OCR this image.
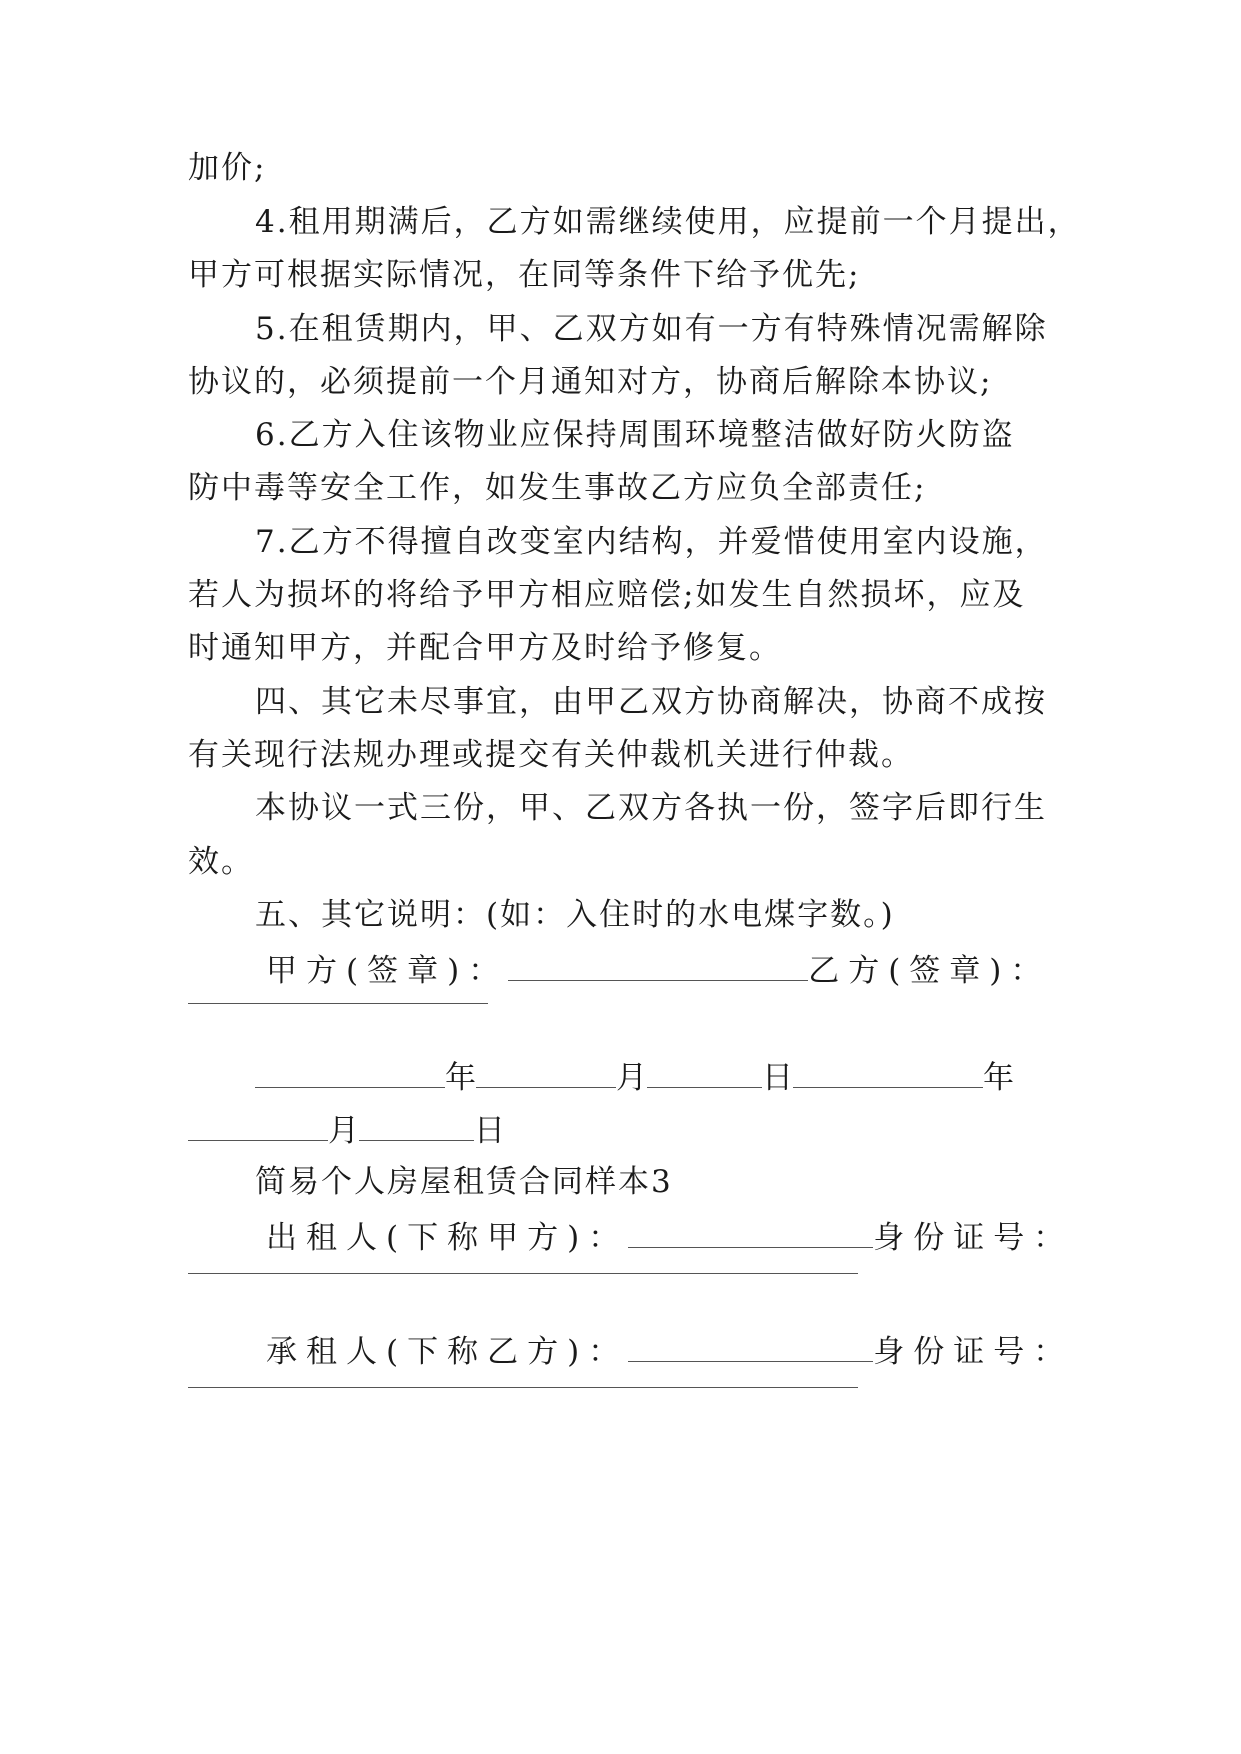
加价;
4.租用期满后，乙方如需继续使用，应提前一个月提出，
甲方可根据实际情况，在同等条件下给予优先;
5.在租赁期内，甲、乙双方如有一方有特殊情况需解除
协议的，必须提前一个月通知对方，协商后解除本协议;
6.乙方入住该物业应保持周围环境整洁做好防火防盗
防中毒等安全工作，如发生事故乙方应负全部责任;
7.乙方不得擅自改变室内结构，并爱惜使用室内设施，
若人为损坏的将给予甲方相应赔偿;如发生自然损坏，应及
时通知甲方，并配合甲方及时给予修复。
四、其它未尽事宜，由甲乙双方协商解决，协商不成按
有关现行法规办理或提交有关仲裁机关进行仲裁。
本协议一式三份，甲、乙双方各执一份，签字后即行生
效。
五、其它说明：(如：入住时的水电煤字数。)
甲方(签章)：	乙方(签章)：
年	月	日	年
月	日
简易个人房屋租赁合同样本3
出租人(下称甲方)：	身份证号：
承租人(下称乙方)：	身份证号：
